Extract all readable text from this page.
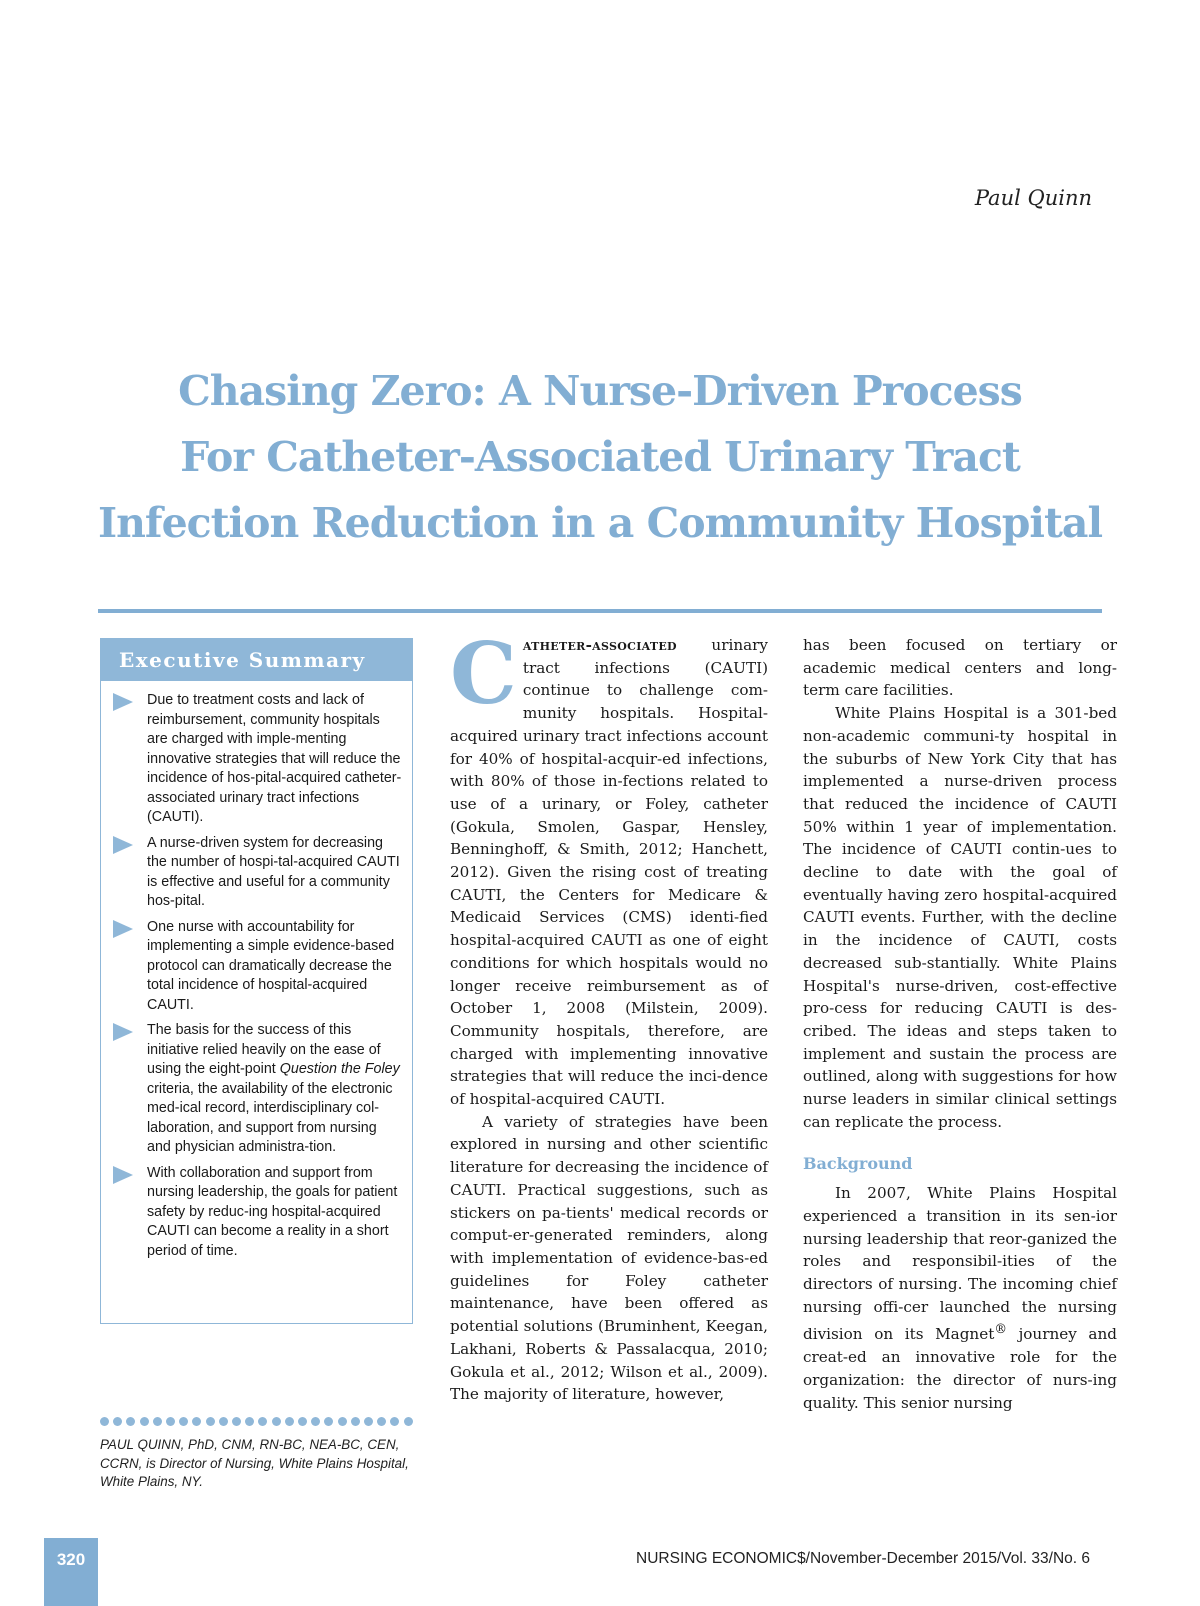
Paul Quinn
Chasing Zero: A Nurse-Driven Process
For Catheter-Associated Urinary Tract
Infection Reduction in a Community Hospital
Executive Summary
Due to treatment costs and lack of reimbursement, community hospitals are charged with imple-menting innovative strategies that will reduce the incidence of hos-pital-acquired catheter-associated urinary tract infections (CAUTI).
A nurse-driven system for decreasing the number of hospi-tal-acquired CAUTI is effective and useful for a community hos-pital.
One nurse with accountability for implementing a simple evidence-based protocol can dramatically decrease the total incidence of hospital-acquired CAUTI.
The basis for the success of this initiative relied heavily on the ease of using the eight-point Question the Foley criteria, the availability of the electronic med-ical record, interdisciplinary col-laboration, and support from nursing and physician administra-tion.
With collaboration and support from nursing leadership, the goals for patient safety by reduc-ing hospital-acquired CAUTI can become a reality in a short period of time.
PAUL QUINN, PhD, CNM, RN-BC, NEA-BC, CEN, CCRN, is Director of Nursing, White Plains Hospital, White Plains, NY.

Catheter-associated urinary tract infections (CAUTI) continue to challenge com-munity hospitals. Hospital-acquired urinary tract infections account for 40% of hospital-acquir-ed infections, with 80% of those in-fections related to use of a urinary, or Foley, catheter (Gokula, Smolen, Gaspar, Hensley, Benninghoff, & Smith, 2012; Hanchett, 2012). Given the rising cost of treating CAUTI, the Centers for Medicare & Medicaid Services (CMS) identi-fied hospital-acquired CAUTI as one of eight conditions for which hospitals would no longer receive reimbursement as of October 1, 2008 (Milstein, 2009). Community hospitals, therefore, are charged with implementing innovative strategies that will reduce the inci-dence of hospital-acquired CAUTI.

A variety of strategies have been explored in nursing and other scientific literature for decreasing the incidence of CAUTI. Practical suggestions, such as stickers on pa-tients' medical records or comput-er-generated reminders, along with implementation of evidence-bas-ed guidelines for Foley catheter maintenance, have been offered as potential solutions (Bruminhent, Keegan, Lakhani, Roberts & Passalacqua, 2010; Gokula et al., 2012; Wilson et al., 2009). The majority of literature, however,

has been focused on tertiary or academic medical centers and long-term care facilities.

White Plains Hospital is a 301-bed non-academic communi-ty hospital in the suburbs of New York City that has implemented a nurse-driven process that reduced the incidence of CAUTI 50% within 1 year of implementation. The incidence of CAUTI contin-ues to decline to date with the goal of eventually having zero hospital-acquired CAUTI events. Further, with the decline in the incidence of CAUTI, costs decreased sub-stantially. White Plains Hospital's nurse-driven, cost-effective pro-cess for reducing CAUTI is des-cribed. The ideas and steps taken to implement and sustain the process are outlined, along with suggestions for how nurse leaders in similar clinical settings can replicate the process.

Background

In 2007, White Plains Hospital experienced a transition in its sen-ior nursing leadership that reor-ganized the roles and responsibil-ities of the directors of nursing. The incoming chief nursing offi-cer launched the nursing division on its Magnet® journey and creat-ed an innovative role for the organization: the director of nurs-ing quality. This senior nursing

320	NURSING ECONOMIC$/November-December 2015/Vol. 33/No. 6
